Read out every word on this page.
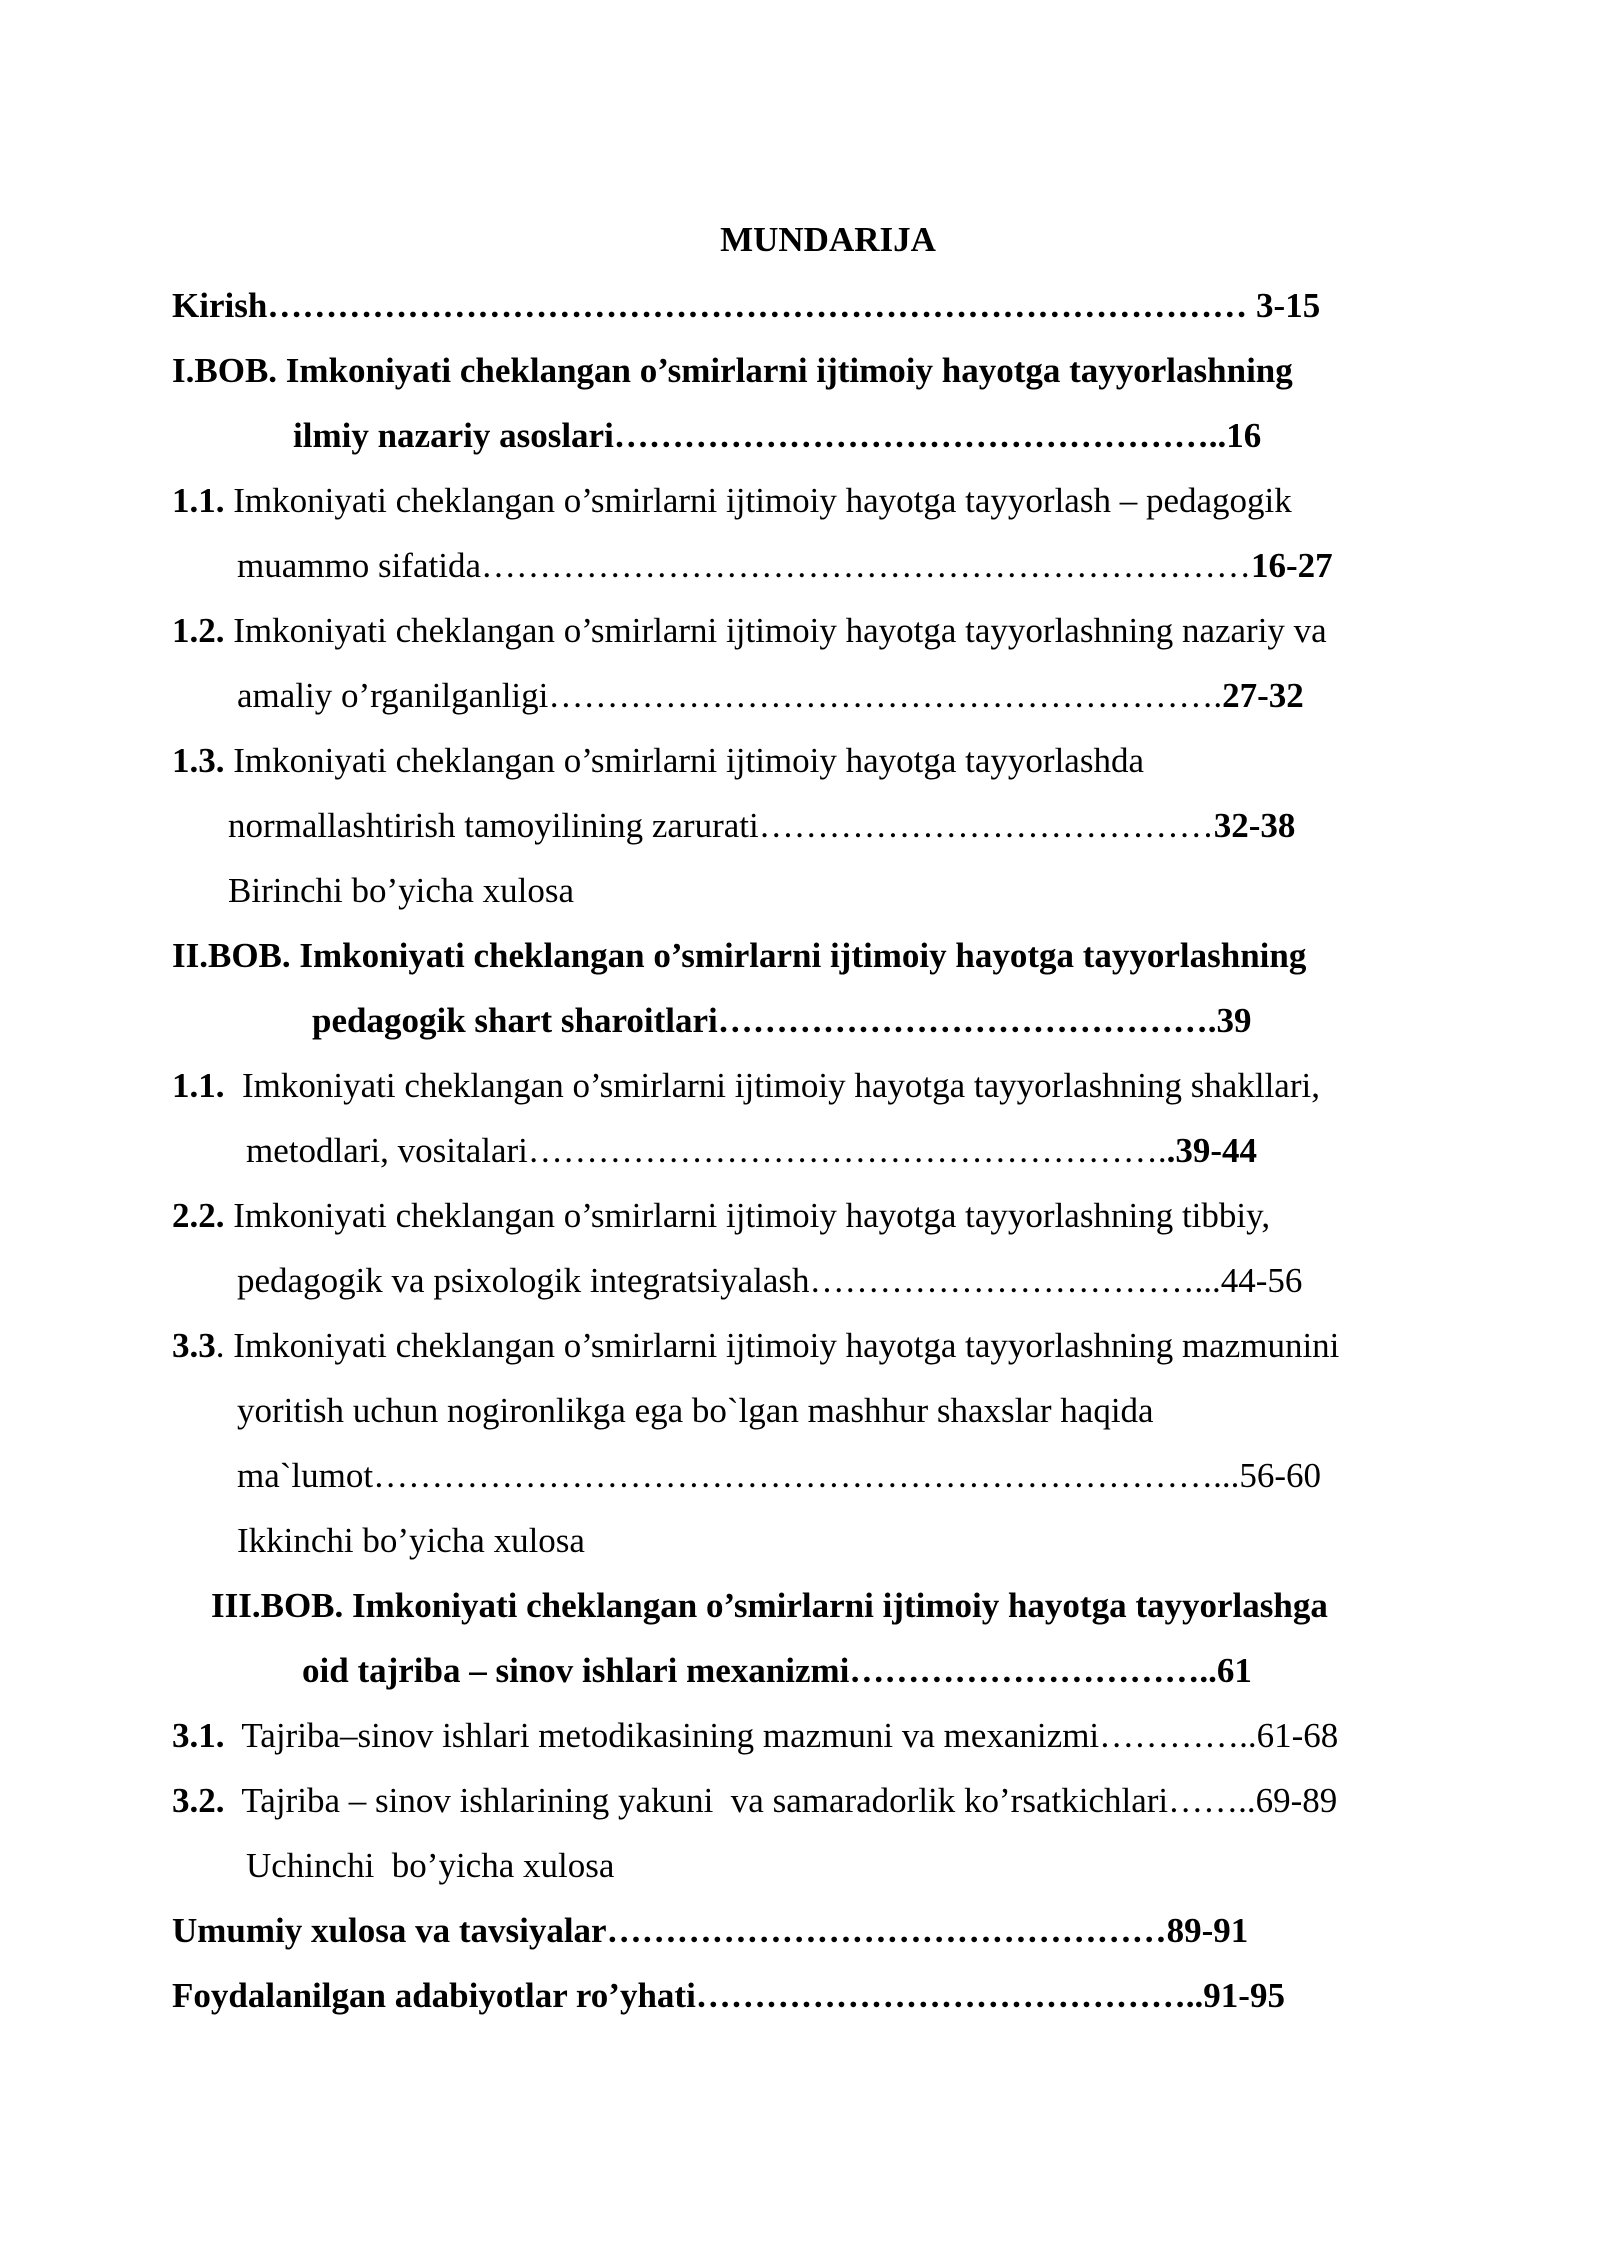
MUNDARIJA
Kirish………………………………………………………………………… 3-15
I.BOB. Imkoniyati cheklangan o’smirlarni ijtimoiy hayotga tayyorlashning
ilmiy nazariy asoslari……………………………………………..16
1.1. Imkoniyati cheklangan o’smirlarni ijtimoiy hayotga tayyorlash – pedagogik
muammo sifatida…………………………………………………………16-27
1.2. Imkoniyati cheklangan o’smirlarni ijtimoiy hayotga tayyorlashning nazariy va
amaliy o’rganilganligi………………………………………………….27-32
1.3. Imkoniyati cheklangan o’smirlarni ijtimoiy hayotga tayyorlashda
normallashtirish tamoyilining zarurati…………………………………32-38
Birinchi bo’yicha xulosa
II.BOB. Imkoniyati cheklangan o’smirlarni ijtimoiy hayotga tayyorlashning
pedagogik shart sharoitlari…………………………………….39
1.1.  Imkoniyati cheklangan o’smirlarni ijtimoiy hayotga tayyorlashning shakllari,
metodlari, vositalari………………………………………………..39-44
2.2. Imkoniyati cheklangan o’smirlarni ijtimoiy hayotga tayyorlashning tibbiy,
pedagogik va psixologik integratsiyalash……………………………...44-56
3.3. Imkoniyati cheklangan o’smirlarni ijtimoiy hayotga tayyorlashning mazmunini
yoritish uchun nogironlikga ega bo`lgan mashhur shaxslar haqida
ma`lumot………………………………………………………………...56-60
Ikkinchi bo’yicha xulosa
III.BOB. Imkoniyati cheklangan o’smirlarni ijtimoiy hayotga tayyorlashga
oid tajriba – sinov ishlari mexanizmi…………………………..61
3.1.  Tajriba–sinov ishlari metodikasining mazmuni va mexanizmi…………..61-68
3.2.  Tajriba – sinov ishlarining yakuni  va samaradorlik ko’rsatkichlari……..69-89
Uchinchi  bo’yicha xulosa
Umumiy xulosa va tavsiyalar…………………………………………89-91
Foydalanilgan adabiyotlar ro’yhati……………………………………..91-95
